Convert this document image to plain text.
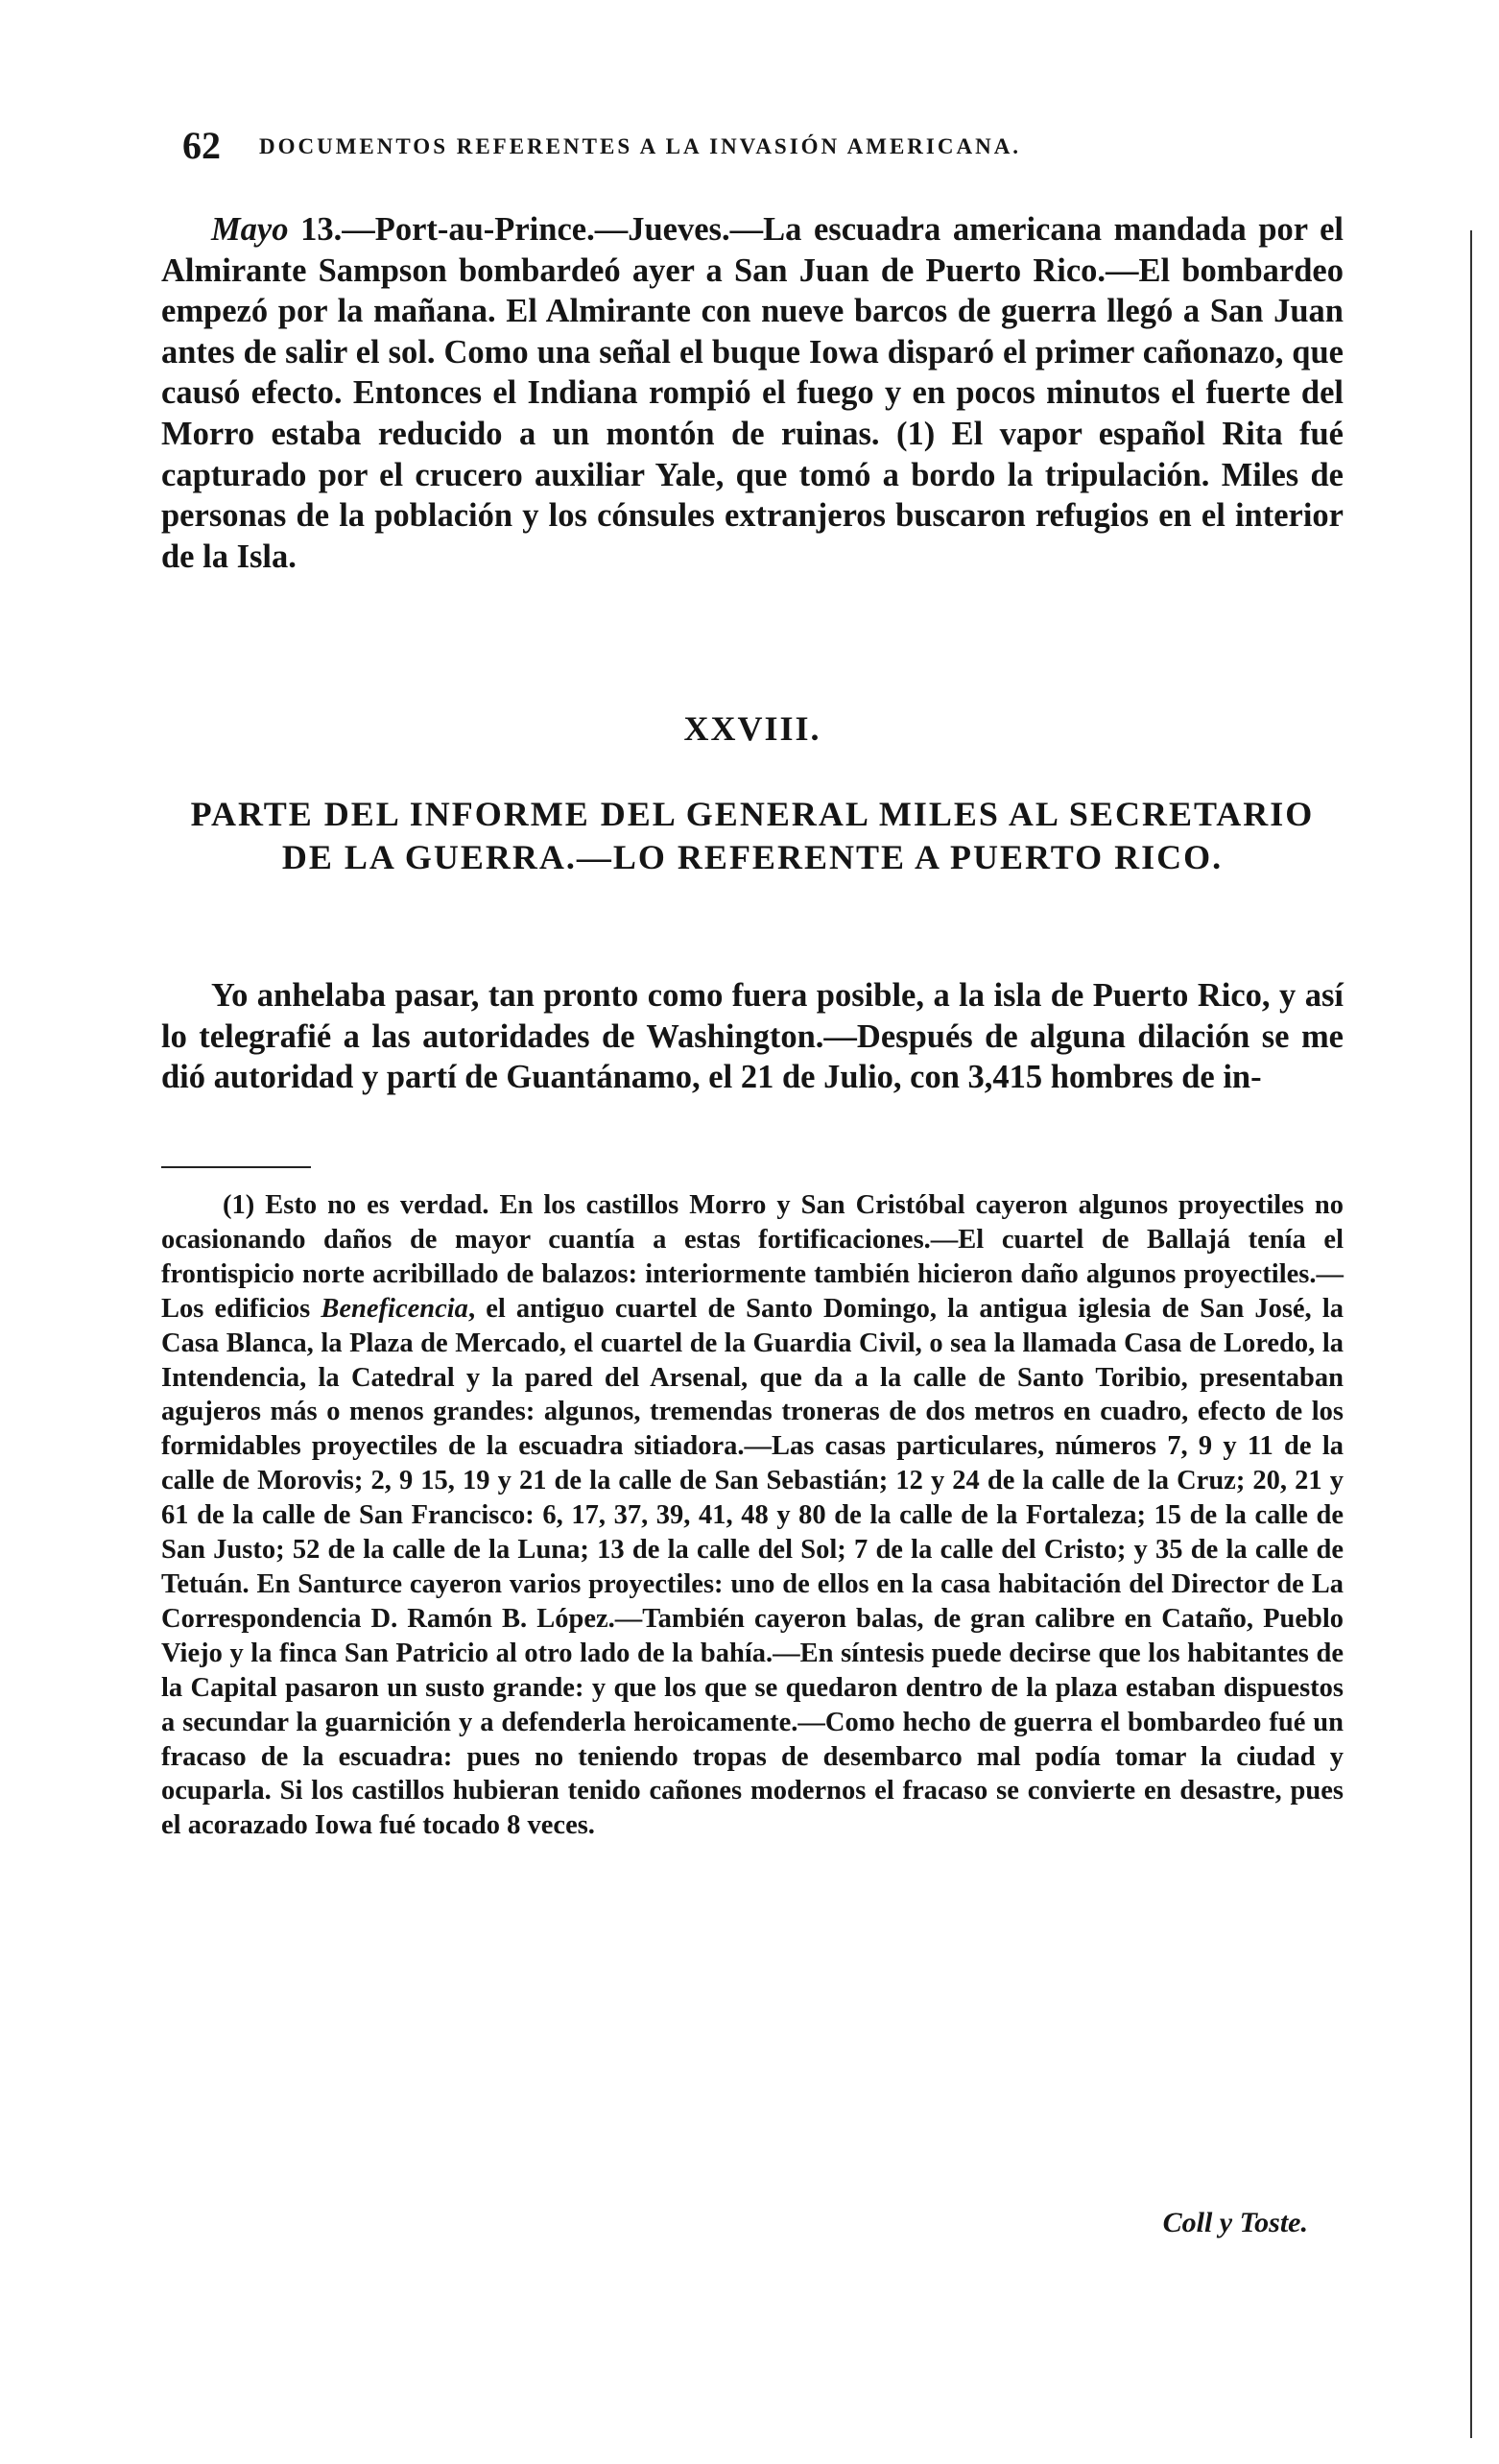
62 DOCUMENTOS REFERENTES A LA INVASIÓN AMERICANA.

Mayo 13.—Port-au-Prince.—Jueves.—La escuadra americana mandada por el Almirante Sampson bombardeó ayer a San Juan de Puerto Rico.—El bombardeo empezó por la mañana. El Almirante con nueve barcos de guerra llegó a San Juan antes de salir el sol. Como una señal el buque Iowa disparó el primer cañonazo, que causó efecto. Entonces el Indiana rompió el fuego y en pocos minutos el fuerte del Morro estaba reducido a un montón de ruinas. (1) El vapor español Rita fué capturado por el crucero auxiliar Yale, que tomó a bordo la tripulación. Miles de personas de la población y los cónsules extranjeros buscaron refugios en el interior de la Isla.

XXVIII.

PARTE DEL INFORME DEL GENERAL MILES AL SECRETARIO DE LA GUERRA.—LO REFERENTE A PUERTO RICO.

Yo anhelaba pasar, tan pronto como fuera posible, a la isla de Puerto Rico, y así lo telegrafié a las autoridades de Washington.—Después de alguna dilación se me dió autoridad y partí de Guantánamo, el 21 de Julio, con 3,415 hombres de in-

(1) Esto no es verdad. En los castillos Morro y San Cristóbal cayeron algunos proyectiles no ocasionando daños de mayor cuantía a estas fortificaciones.—El cuartel de Ballajá tenía el frontispicio norte acribillado de balazos: interiormente también hicieron daño algunos proyectiles.—Los edificios Beneficencia, el antiguo cuartel de Santo Domingo, la antigua iglesia de San José, la Casa Blanca, la Plaza de Mercado, el cuartel de la Guardia Civil, o sea la llamada Casa de Loredo, la Intendencia, la Catedral y la pared del Arsenal, que da a la calle de Santo Toribio, presentaban agujeros más o menos grandes: algunos, tremendas troneras de dos metros en cuadro, efecto de los formidables proyectiles de la escuadra sitiadora.—Las casas particulares, números 7, 9 y 11 de la calle de Morovis; 2, 9 15, 19 y 21 de la calle de San Sebastián; 12 y 24 de la calle de la Cruz; 20, 21 y 61 de la calle de San Francisco: 6, 17, 37, 39, 41, 48 y 80 de la calle de la Fortaleza; 15 de la calle de San Justo; 52 de la calle de la Luna; 13 de la calle del Sol; 7 de la calle del Cristo; y 35 de la calle de Tetuán. En Santurce cayeron varios proyectiles: uno de ellos en la casa habitación del Director de La Correspondencia D. Ramón B. López.—También cayeron balas, de gran calibre en Cataño, Pueblo Viejo y la finca San Patricio al otro lado de la bahía.—En síntesis puede decirse que los habitantes de la Capital pasaron un susto grande: y que los que se quedaron dentro de la plaza estaban dispuestos a secundar la guarnición y a defenderla heroicamente.—Como hecho de guerra el bombardeo fué un fracaso de la escuadra: pues no teniendo tropas de desembarco mal podía tomar la ciudad y ocuparla. Si los castillos hubieran tenido cañones modernos el fracaso se convierte en desastre, pues el acorazado Iowa fué tocado 8 veces.

Coll y Toste.
